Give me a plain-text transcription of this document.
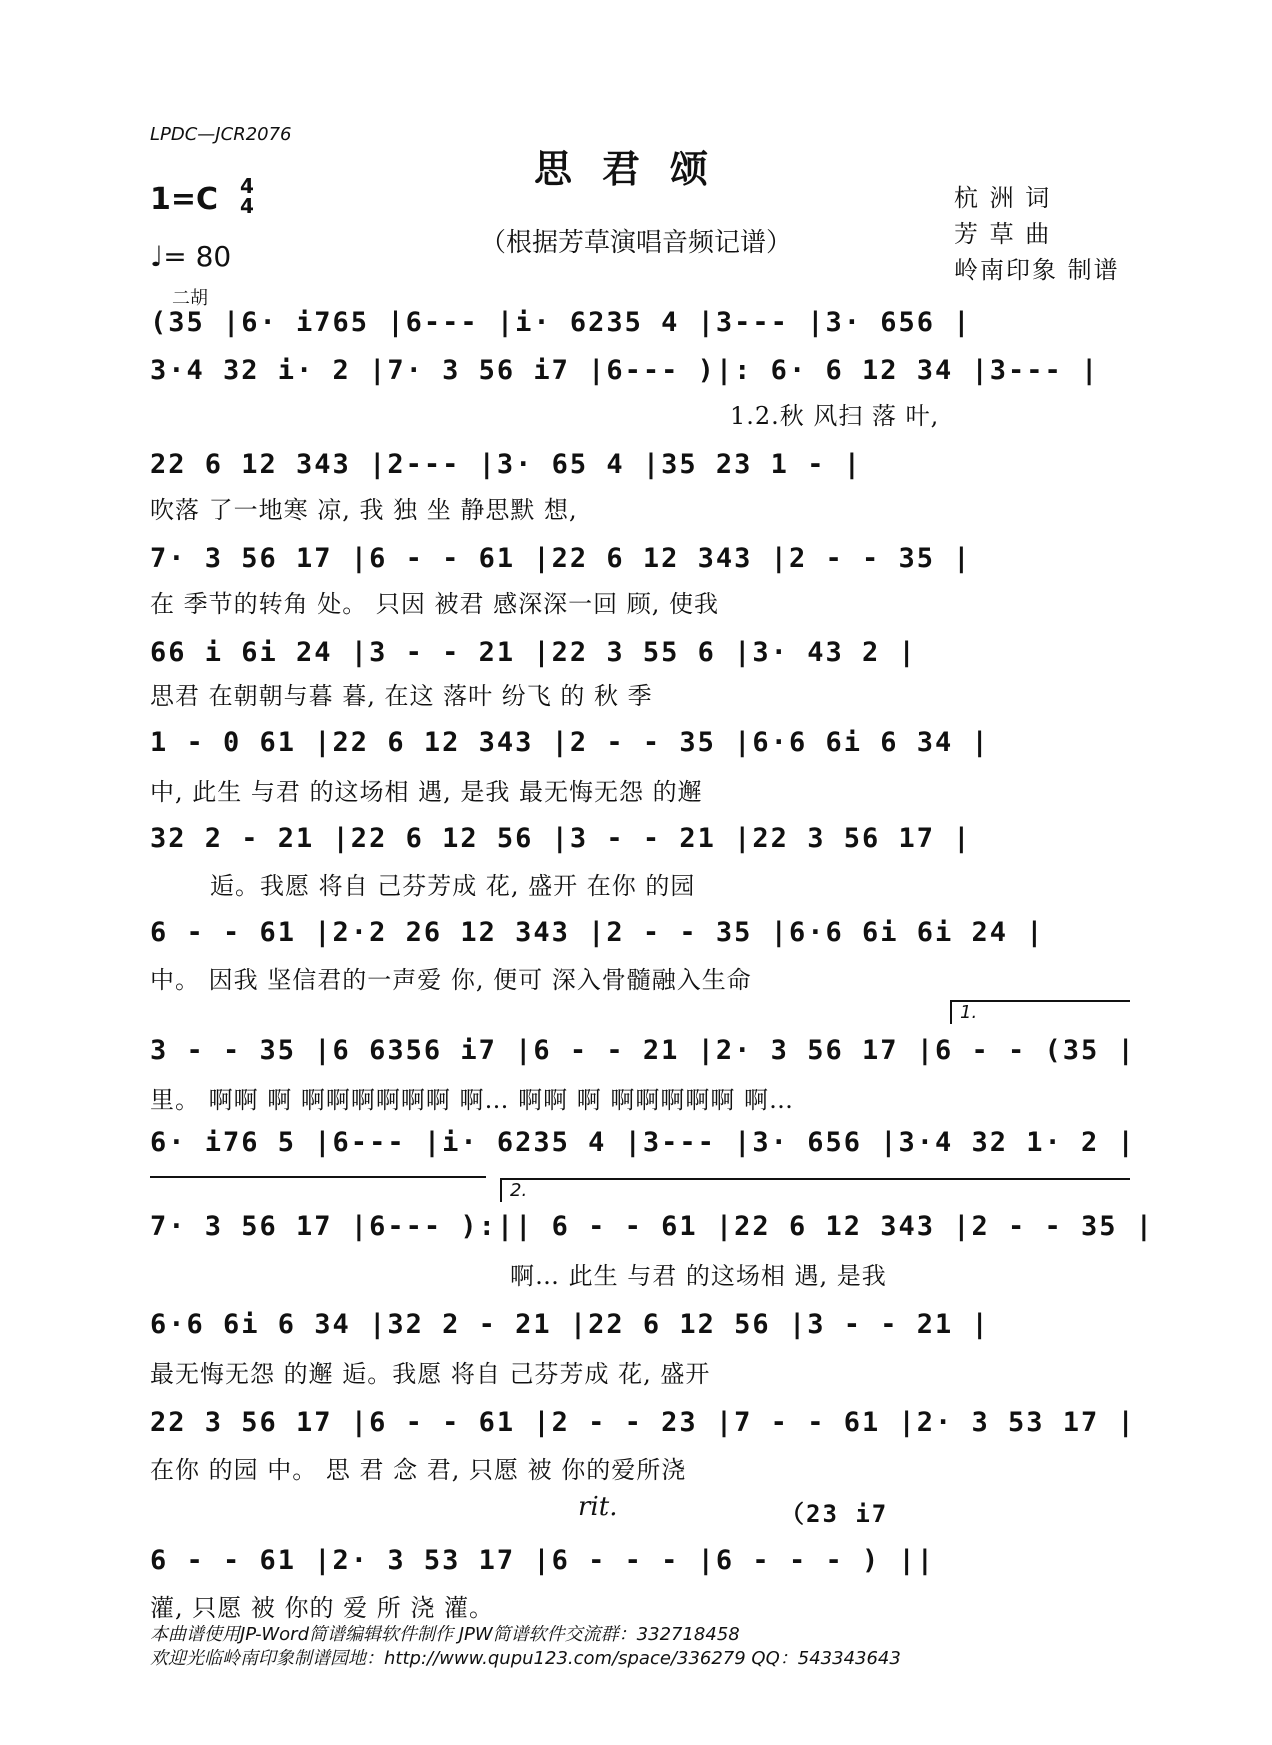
LPDC—JCR2076
思君颂
1=C 4
4
♩= 80	（根据芳草演唱音频记谱）
杭 洲 词
芳 草 曲
岭南印象 制谱
二胡
(35 |6· i765 |6--- |i· 6235 4 |3--- |3· 656 |
3·4 32 i· 2 |7· 3 56 i7 |6--- )|: 6· 6 12 34 |3--- |
1.2.秋 风扫 落 叶,
22 6 12 343 |2--- |3· 65 4 |35 23 1 - |
吹落 了一地寒 凉, 我 独 坐 静思默 想,
7· 3 56 17 |6 - - 61 |22 6 12 343 |2 - - 35 |
在 季节的转角 处。 只因 被君 感深深一回 顾, 使我
66 i 6i 24 |3 - - 21 |22 3 55 6 |3· 43 2 |
思君 在朝朝与暮 暮, 在这 落叶 纷飞 的 秋 季
1 - 0 61 |22 6 12 343 |2 - - 35 |6·6 6i 6 34 |
中, 此生 与君 的这场相 遇, 是我 最无悔无怨 的邂
32 2 - 21 |22 6 12 56 |3 - - 21 |22 3 56 17 |
逅。我愿 将自 己芬芳成 花, 盛开 在你 的园
6 - - 61 |2·2 26 12 343 |2 - - 35 |6·6 6i 6i 24 |
中。 因我 坚信君的一声爱 你, 便可 深入骨髓融入生命
1.
3 - - 35 |6 6356 i7 |6 - - 21 |2· 3 56 17 |6 - - (35 |
里。 啊啊 啊 啊啊啊啊啊啊 啊… 啊啊 啊 啊啊啊啊啊 啊…
6· i76 5 |6--- |i· 6235 4 |3--- |3· 656 |3·4 32 1· 2 |
2.
7· 3 56 17 |6--- ):|| 6 - - 61 |22 6 12 343 |2 - - 35 |
啊… 此生 与君 的这场相 遇, 是我
6·6 6i 6 34 |32 2 - 21 |22 6 12 56 |3 - - 21 |
最无悔无怨 的邂 逅。我愿 将自 己芬芳成 花, 盛开
22 3 56 17 |6 - - 61 |2 - - 23 |7 - - 61 |2· 3 53 17 |
在你 的园 中。 思 君 念 君, 只愿 被 你的爱所浇
rit.	（23 i7
6 - - 61 |2· 3 53 17 |6 - - - |6 - - - ) ||
灌, 只愿 被 你的 爱 所 浇 灌。
本曲谱使用JP-Word简谱编辑软件制作 JPW简谱软件交流群：332718458
欢迎光临岭南印象制谱园地：http://www.qupu123.com/space/336279 QQ：543343643
